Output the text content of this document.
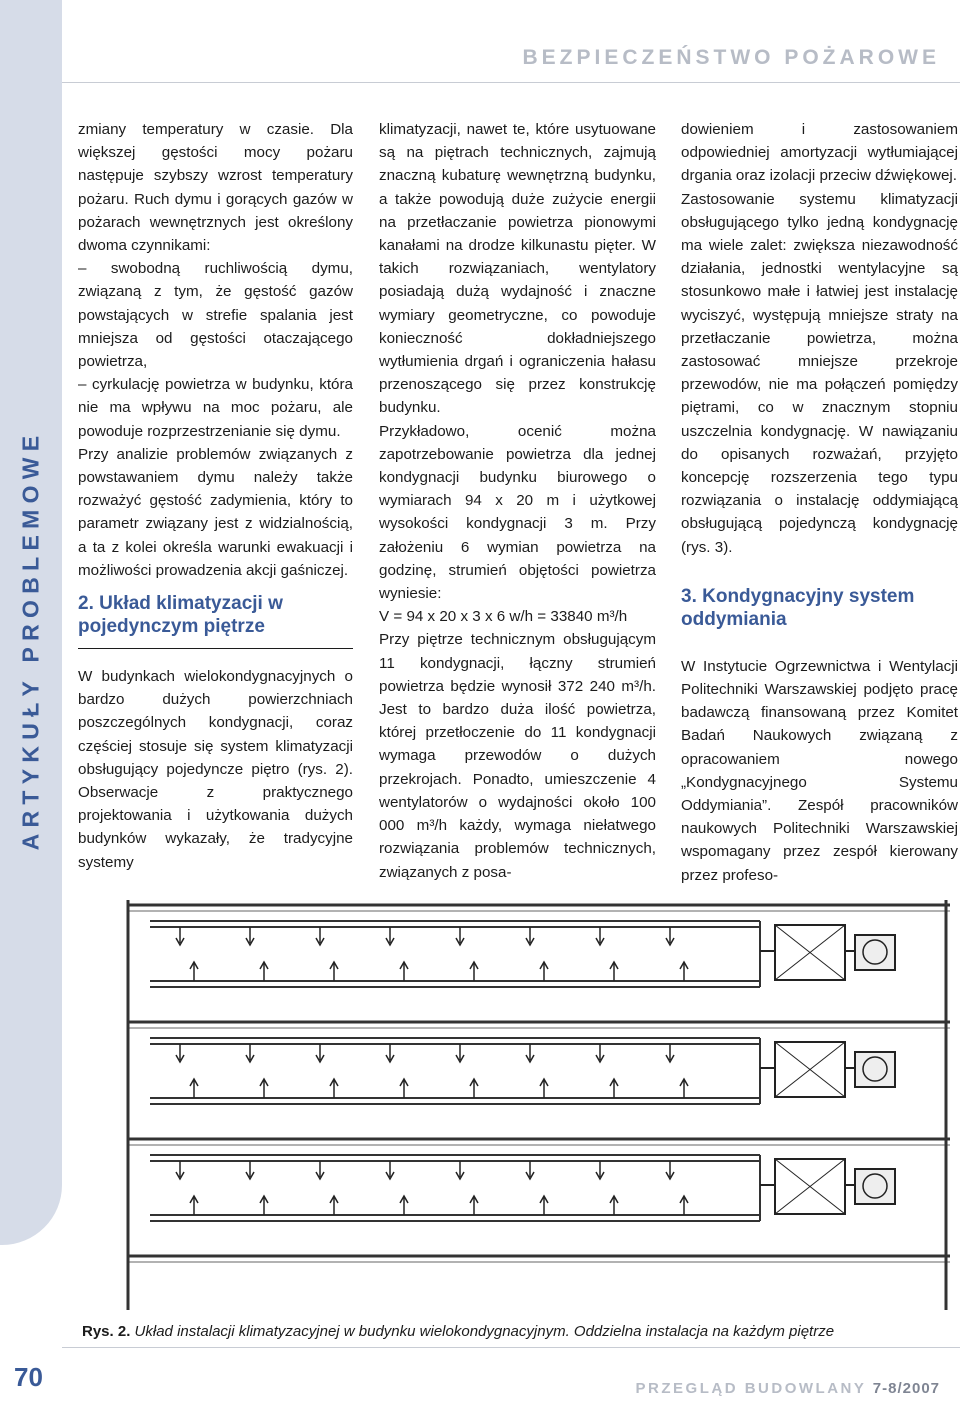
ARTYKUŁY PROBLEMOWE
BEZPIECZEŃSTWO POŻAROWE

zmiany temperatury w czasie. Dla większej gęstości mocy pożaru następuje szybszy wzrost temperatury pożaru. Ruch dymu i gorących gazów w pożarach wewnętrznych jest określony dwoma czynnikami:

– swobodną ruchliwością dymu, związaną z tym, że gęstość gazów powstających w strefie spalania jest mniejsza od gęstości otaczającego powietrza,

– cyrkulację powietrza w budynku, która nie ma wpływu na moc pożaru, ale powoduje rozprzestrzenianie się dymu.

Przy analizie problemów związanych z powstawaniem dymu należy także rozważyć gęstość zadymienia, który to parametr związany jest z widzialnością, a ta z kolei określa warunki ewakuacji i możliwości prowadzenia akcji gaśniczej.

2. Układ klimatyzacji w pojedynczym piętrze

W budynkach wielokondygnacyjnych o bardzo dużych powierzchniach poszczególnych kondygnacji, coraz częściej stosuje się system klimatyzacji obsługujący pojedyncze piętro (rys. 2). Obserwacje z praktycznego projektowania i użytkowania dużych budynków wykazały, że tradycyjne systemy

klimatyzacji, nawet te, które usytuowane są na piętrach technicznych, zajmują znaczną kubaturę wewnętrzną budynku, a także powodują duże zużycie energii na przetłaczanie powietrza pionowymi kanałami na drodze kilkunastu pięter. W takich rozwiązaniach, wentylatory posiadają dużą wydajność i znaczne wymiary geometryczne, co powoduje konieczność dokładniejszego wytłumienia drgań i ograniczenia hałasu przenoszącego się przez konstrukcję budynku.

Przykładowo, ocenić można zapotrzebowanie powietrza dla jednej kondygnacji budynku biurowego o wymiarach 94 x 20 m i użytkowej wysokości kondygnacji 3 m. Przy założeniu 6 wymian powietrza na godzinę, strumień objętości powietrza wyniesie:

V = 94 x 20 x 3 x 6 w/h = 33840 m³/h

Przy piętrze technicznym obsługującym 11 kondygnacji, łączny strumień powietrza będzie wynosił 372 240 m³/h. Jest to bardzo duża ilość powietrza, której przetłoczenie do 11 kondygnacji wymaga przewodów o dużych przekrojach. Ponadto, umieszczenie 4 wentylatorów o wydajności około 100 000 m³/h każdy, wymaga niełatwego rozwiązania problemów technicznych, związanych z posa-

dowieniem i zastosowaniem odpowiedniej amortyzacji wytłumiającej drgania oraz izolacji przeciw dźwiękowej.

Zastosowanie systemu klimatyzacji obsługującego tylko jedną kondygnację ma wiele zalet: zwiększa niezawodność działania, jednostki wentylacyjne są stosunkowo małe i łatwiej jest instalację wyciszyć, występują mniejsze straty na przetłaczanie powietrza, można zastosować mniejsze przekroje przewodów, nie ma połączeń pomiędzy piętrami, co w znacznym stopniu uszczelnia kondygnację. W nawiązaniu do opisanych rozważań, przyjęto koncepcję rozszerzenia tego typu rozwiązania o instalację oddymiającą obsługującą pojedynczą kondygnację (rys. 3).

3. Kondygnacyjny system oddymiania

W Instytucie Ogrzewnictwa i Wentylacji Politechniki Warszawskiej podjęto pracę badawczą finansowaną przez Komitet Badań Naukowych związaną z opracowaniem nowego „Kondygnacyjnego Systemu Oddymiania”. Zespół pracowników naukowych Politechniki Warszawskiej wspomagany przez zespół kierowany przez profeso-

Rys. 2. Układ instalacji klimatyzacyjnej w budynku wielokondygnacyjnym. Oddzielna instalacja na każdym piętrze
70	PRZEGLĄD BUDOWLANY 7-8/2007
